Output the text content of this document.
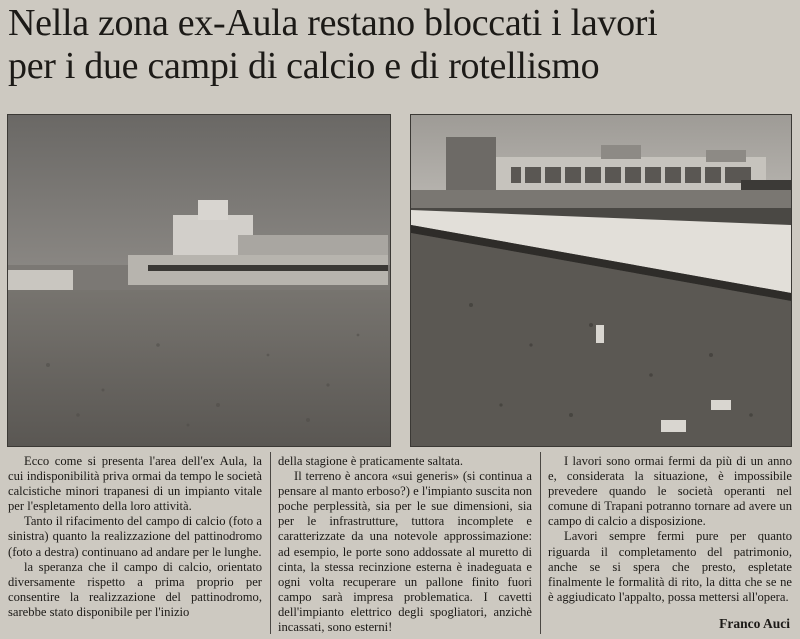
Nella zona ex-Aula restano bloccati i lavori
per i due campi di calcio e di rotellismo

Ecco come si presenta l'area dell'ex Aula, la cui indisponibilità priva ormai da tempo le società calcistiche minori trapanesi di un impianto vitale per l'espletamento della loro attività.

Tanto il rifacimento del campo di calcio (foto a sinistra) quanto la realizzazione del pattinodromo (foto a destra) continuano ad andare per le lunghe.

la speranza che il campo di calcio, orientato diversamente rispetto a prima proprio per consentire la realizzazione del pattinodromo, sarebbe stato disponibile per l'inizio

della stagione è praticamente saltata.

Il terreno è ancora «sui generis» (si continua a pensare al manto erboso?) e l'impianto suscita non poche perplessità, sia per le sue dimensioni, sia per le infrastrutture, tuttora incomplete e caratterizzate da una notevole approssimazione: ad esempio, le porte sono addossate al muretto di cinta, la stessa recinzione esterna è inadeguata e ogni volta recuperare un pallone finito fuori campo sarà impresa problematica. I cavetti dell'impianto elettrico degli spogliatori, anzichè incassati, sono esterni!

I lavori sono ormai fermi da più di un anno e, considerata la situazione, è impossibile prevedere quando le società operanti nel comune di Trapani potranno tornare ad avere un campo di calcio a disposizione.

Lavori sempre fermi pure per quanto riguarda il completamento del patrimonio, anche se si spera che presto, espletate finalmente le formalità di rito, la ditta che se ne è aggiudicato l'appalto, possa mettersi all'opera.

Franco Auci
